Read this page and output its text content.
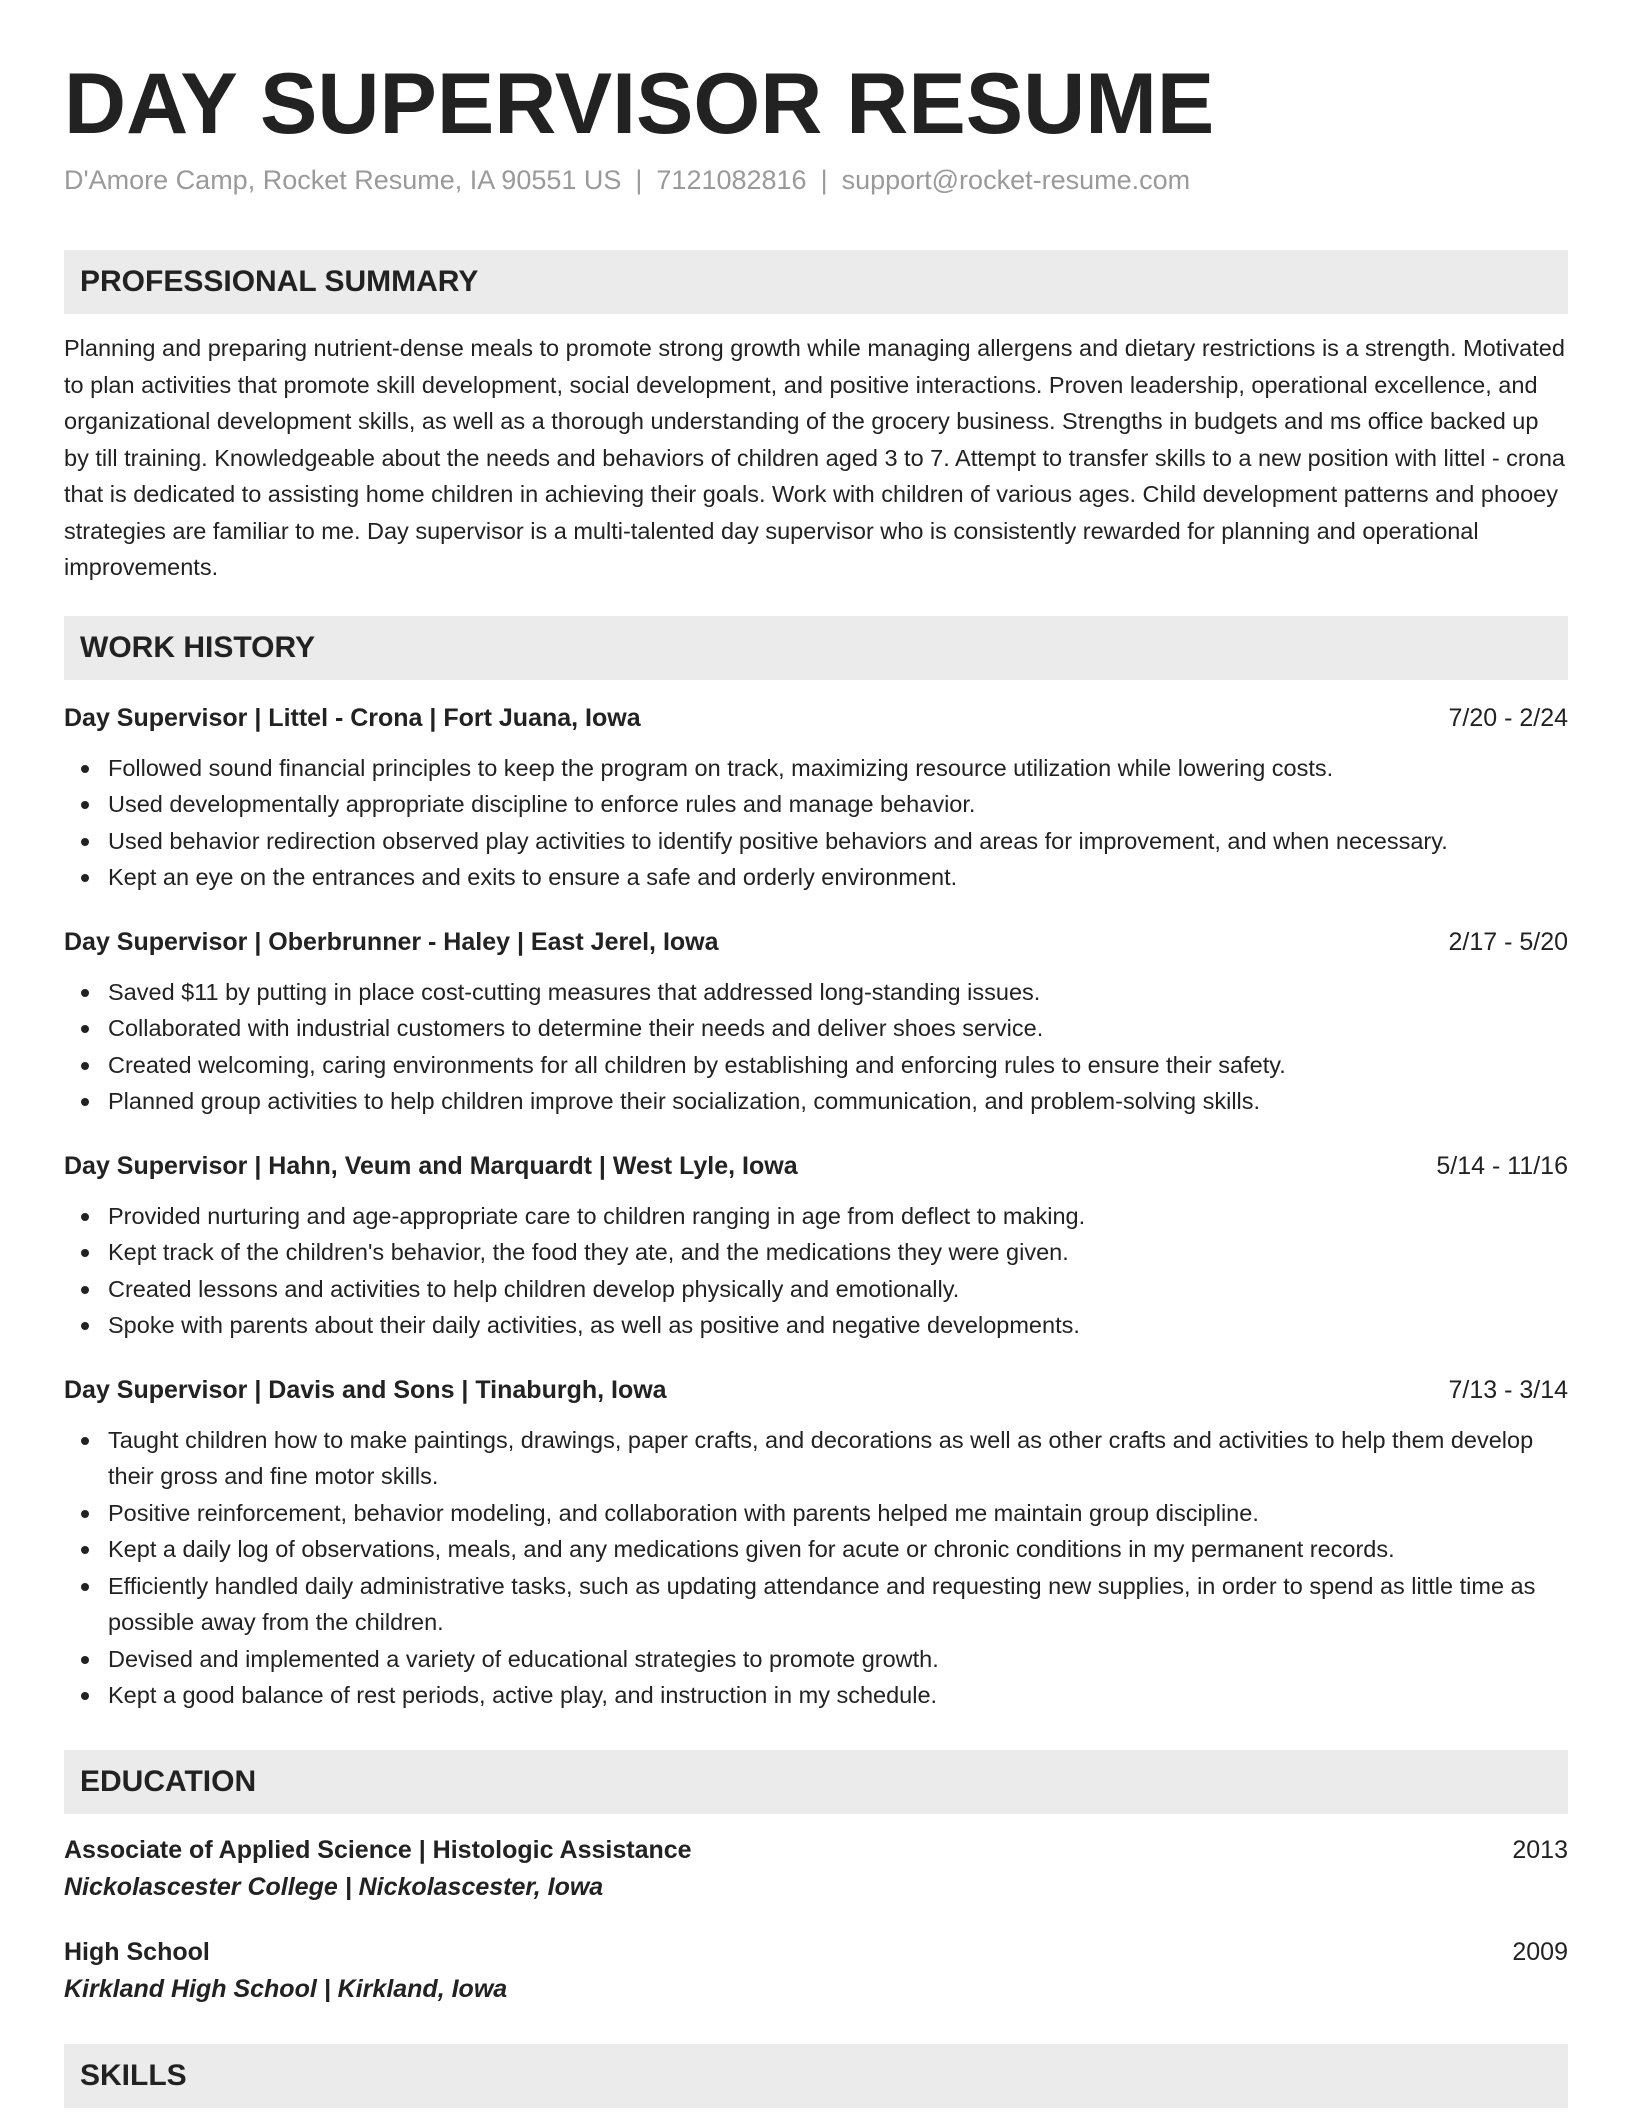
DAY SUPERVISOR RESUME
D'Amore Camp, Rocket Resume, IA 90551 US | 7121082816 | support@rocket-resume.com
PROFESSIONAL SUMMARY
Planning and preparing nutrient-dense meals to promote strong growth while managing allergens and dietary restrictions is a strength. Motivated to plan activities that promote skill development, social development, and positive interactions. Proven leadership, operational excellence, and organizational development skills, as well as a thorough understanding of the grocery business. Strengths in budgets and ms office backed up by till training. Knowledgeable about the needs and behaviors of children aged 3 to 7. Attempt to transfer skills to a new position with littel - crona that is dedicated to assisting home children in achieving their goals. Work with children of various ages. Child development patterns and phooey strategies are familiar to me. Day supervisor is a multi-talented day supervisor who is consistently rewarded for planning and operational improvements.
WORK HISTORY
Day Supervisor | Littel - Crona | Fort Juana, Iowa	7/20 - 2/24
Followed sound financial principles to keep the program on track, maximizing resource utilization while lowering costs.
Used developmentally appropriate discipline to enforce rules and manage behavior.
Used behavior redirection observed play activities to identify positive behaviors and areas for improvement, and when necessary.
Kept an eye on the entrances and exits to ensure a safe and orderly environment.
Day Supervisor | Oberbrunner - Haley | East Jerel, Iowa	2/17 - 5/20
Saved $11 by putting in place cost-cutting measures that addressed long-standing issues.
Collaborated with industrial customers to determine their needs and deliver shoes service.
Created welcoming, caring environments for all children by establishing and enforcing rules to ensure their safety.
Planned group activities to help children improve their socialization, communication, and problem-solving skills.
Day Supervisor | Hahn, Veum and Marquardt | West Lyle, Iowa	5/14 - 11/16
Provided nurturing and age-appropriate care to children ranging in age from deflect to making.
Kept track of the children's behavior, the food they ate, and the medications they were given.
Created lessons and activities to help children develop physically and emotionally.
Spoke with parents about their daily activities, as well as positive and negative developments.
Day Supervisor | Davis and Sons | Tinaburgh, Iowa	7/13 - 3/14
Taught children how to make paintings, drawings, paper crafts, and decorations as well as other crafts and activities to help them develop their gross and fine motor skills.
Positive reinforcement, behavior modeling, and collaboration with parents helped me maintain group discipline.
Kept a daily log of observations, meals, and any medications given for acute or chronic conditions in my permanent records.
Efficiently handled daily administrative tasks, such as updating attendance and requesting new supplies, in order to spend as little time as possible away from the children.
Devised and implemented a variety of educational strategies to promote growth.
Kept a good balance of rest periods, active play, and instruction in my schedule.
EDUCATION
Associate of Applied Science | Histologic Assistance	2013
Nickolascester College | Nickolascester, Iowa
High School	2009
Kirkland High School | Kirkland, Iowa
SKILLS
